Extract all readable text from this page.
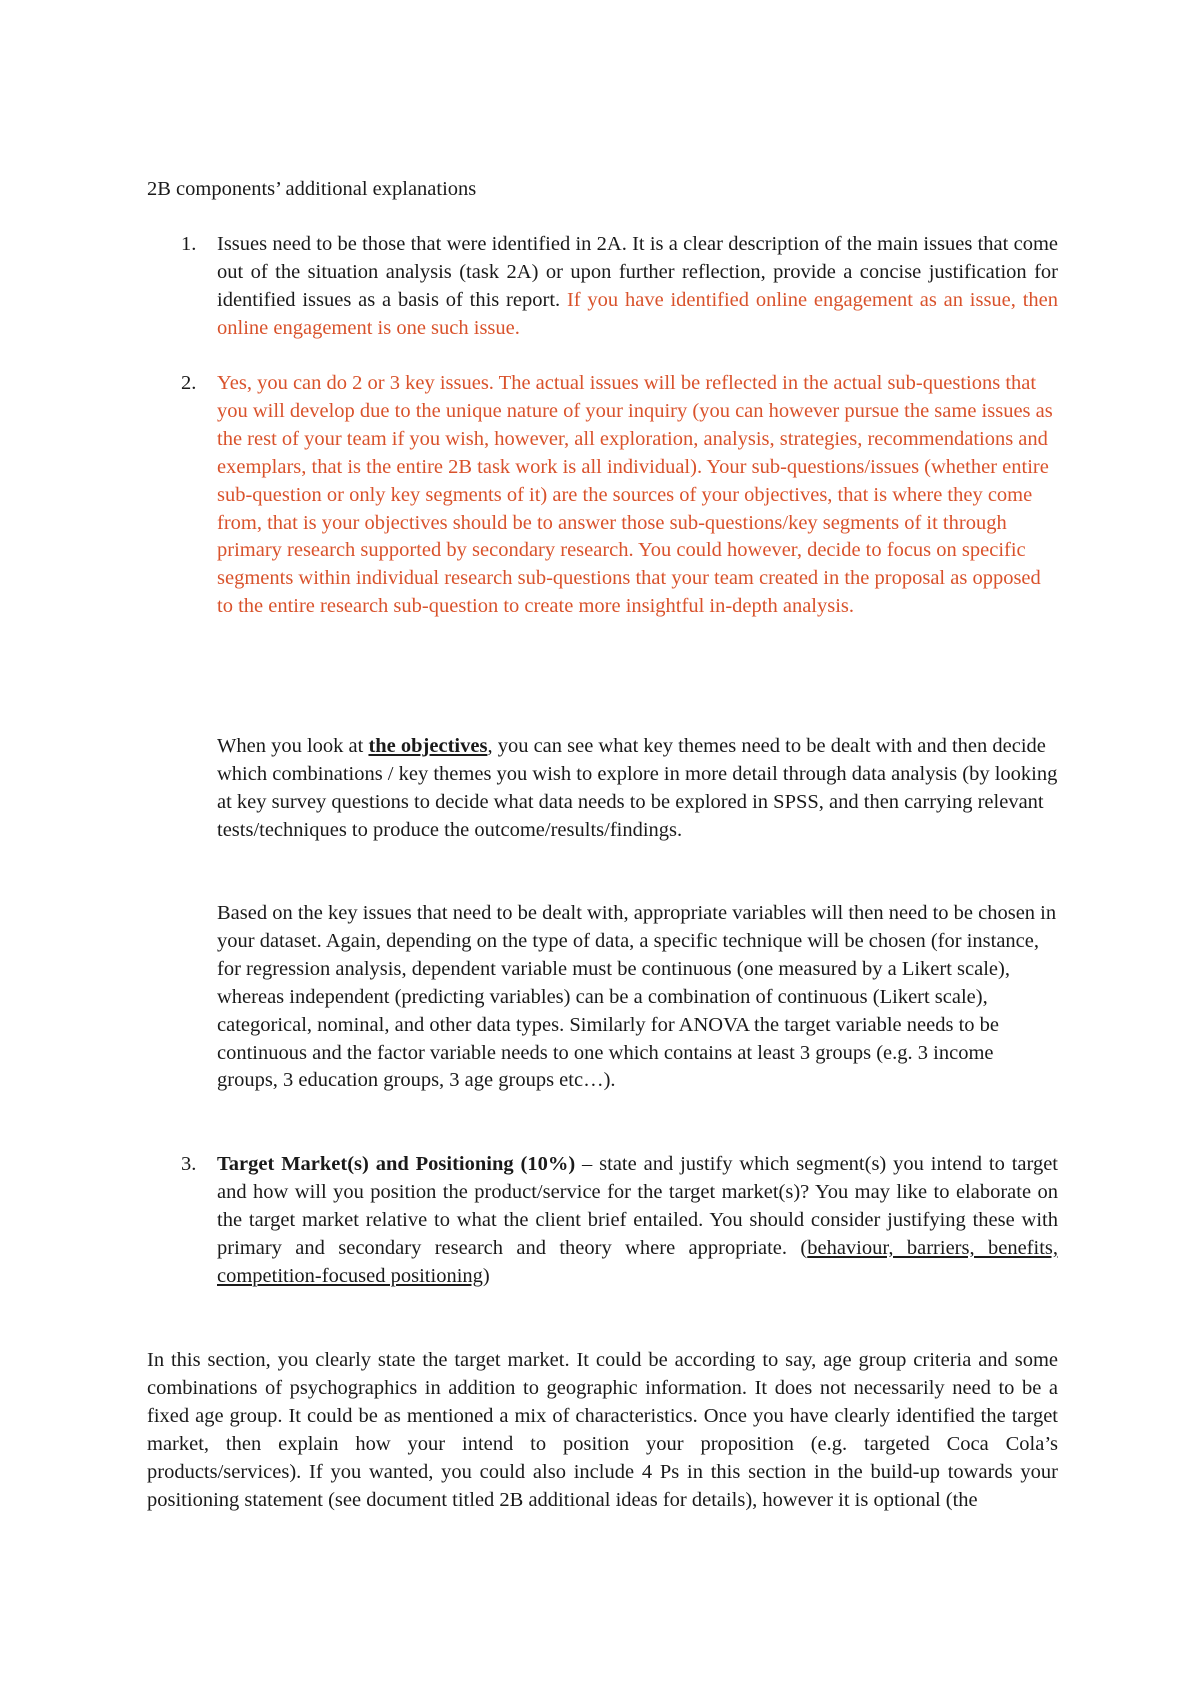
2B components’ additional explanations

1. Issues need to be those that were identified in 2A. It is a clear description of the main issues that come out of the situation analysis (task 2A) or upon further reflection, provide a concise justification for identified issues as a basis of this report. If you have identified online engagement as an issue, then online engagement is one such issue.

2. Yes, you can do 2 or 3 key issues. The actual issues will be reflected in the actual sub-questions that you will develop due to the unique nature of your inquiry (you can however pursue the same issues as the rest of your team if you wish, however, all exploration, analysis, strategies, recommendations and exemplars, that is the entire 2B task work is all individual). Your sub-questions/issues (whether entire sub-question or only key segments of it) are the sources of your objectives, that is where they come from, that is your objectives should be to answer those sub-questions/key segments of it through primary research supported by secondary research. You could however, decide to focus on specific segments within individual research sub-questions that your team created in the proposal as opposed to the entire research sub-question to create more insightful in-depth analysis.

When you look at the objectives, you can see what key themes need to be dealt with and then decide which combinations / key themes you wish to explore in more detail through data analysis (by looking at key survey questions to decide what data needs to be explored in SPSS, and then carrying relevant tests/techniques to produce the outcome/results/findings.

Based on the key issues that need to be dealt with, appropriate variables will then need to be chosen in your dataset. Again, depending on the type of data, a specific technique will be chosen (for instance, for regression analysis, dependent variable must be continuous (one measured by a Likert scale), whereas independent (predicting variables) can be a combination of continuous (Likert scale), categorical, nominal, and other data types. Similarly for ANOVA the target variable needs to be continuous and the factor variable needs to one which contains at least 3 groups (e.g. 3 income groups, 3 education groups, 3 age groups etc…).

3. Target Market(s) and Positioning (10%) – state and justify which segment(s) you intend to target and how will you position the product/service for the target market(s)? You may like to elaborate on the target market relative to what the client brief entailed. You should consider justifying these with primary and secondary research and theory where appropriate. (behaviour, barriers, benefits, competition-focused positioning)

In this section, you clearly state the target market. It could be according to say, age group criteria and some combinations of psychographics in addition to geographic information. It does not necessarily need to be a fixed age group. It could be as mentioned a mix of characteristics. Once you have clearly identified the target market, then explain how your intend to position your proposition (e.g. targeted Coca Cola’s products/services). If you wanted, you could also include 4 Ps in this section in the build-up towards your positioning statement (see document titled 2B additional ideas for details), however it is optional (the
